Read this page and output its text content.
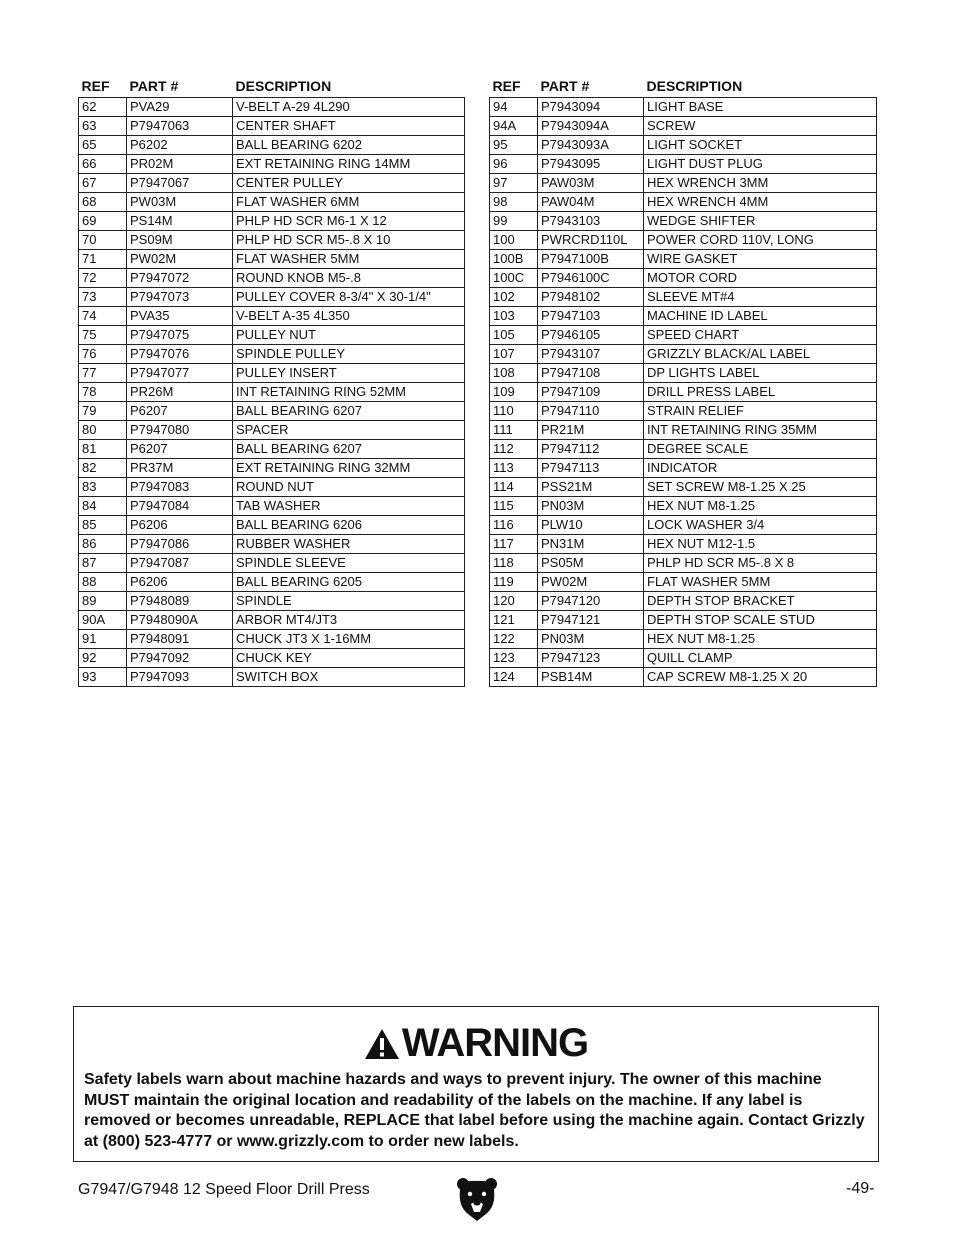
REF	PART #	DESCRIPTION
62	PVA29	V-BELT A-29 4L290
63	P7947063	CENTER SHAFT
65	P6202	BALL BEARING 6202
66	PR02M	EXT RETAINING RING 14MM
67	P7947067	CENTER PULLEY
68	PW03M	FLAT WASHER 6MM
69	PS14M	PHLP HD SCR M6-1 X 12
70	PS09M	PHLP HD SCR M5-.8 X 10
71	PW02M	FLAT WASHER 5MM
72	P7947072	ROUND KNOB M5-.8
73	P7947073	PULLEY COVER 8-3/4" X 30-1/4"
74	PVA35	V-BELT A-35 4L350
75	P7947075	PULLEY NUT
76	P7947076	SPINDLE PULLEY
77	P7947077	PULLEY INSERT
78	PR26M	INT RETAINING RING 52MM
79	P6207	BALL BEARING 6207
80	P7947080	SPACER
81	P6207	BALL BEARING 6207
82	PR37M	EXT RETAINING RING 32MM
83	P7947083	ROUND NUT
84	P7947084	TAB WASHER
85	P6206	BALL BEARING 6206
86	P7947086	RUBBER WASHER
87	P7947087	SPINDLE SLEEVE
88	P6206	BALL BEARING 6205
89	P7948089	SPINDLE
90A	P7948090A	ARBOR MT4/JT3
91	P7948091	CHUCK JT3 X 1-16MM
92	P7947092	CHUCK KEY
93	P7947093	SWITCH BOX
REF	PART #	DESCRIPTION
94	P7943094	LIGHT BASE
94A	P7943094A	SCREW
95	P7943093A	LIGHT SOCKET
96	P7943095	LIGHT DUST PLUG
97	PAW03M	HEX WRENCH 3MM
98	PAW04M	HEX WRENCH 4MM
99	P7943103	WEDGE SHIFTER
100	PWRCRD110L	POWER CORD 110V, LONG
100B	P7947100B	WIRE GASKET
100C	P7946100C	MOTOR CORD
102	P7948102	SLEEVE MT#4
103	P7947103	MACHINE ID LABEL
105	P7946105	SPEED CHART
107	P7943107	GRIZZLY BLACK/AL LABEL
108	P7947108	DP LIGHTS LABEL
109	P7947109	DRILL PRESS LABEL
110	P7947110	STRAIN RELIEF
111	PR21M	INT RETAINING RING 35MM
112	P7947112	DEGREE SCALE
113	P7947113	INDICATOR
114	PSS21M	SET SCREW M8-1.25 X 25
115	PN03M	HEX NUT M8-1.25
116	PLW10	LOCK WASHER 3/4
117	PN31M	HEX NUT M12-1.5
118	PS05M	PHLP HD SCR M5-.8 X 8
119	PW02M	FLAT WASHER 5MM
120	P7947120	DEPTH STOP BRACKET
121	P7947121	DEPTH STOP SCALE STUD
122	PN03M	HEX NUT M8-1.25
123	P7947123	QUILL CLAMP
124	PSB14M	CAP SCREW M8-1.25 X 20
WARNING
Safety labels warn about machine hazards and ways to prevent injury. The owner of this machine MUST maintain the original location and readability of the labels on the machine. If any label is removed or becomes unreadable, REPLACE that label before using the machine again. Contact Grizzly at (800) 523-4777 or www.grizzly.com to order new labels.
G7947/G7948 12 Speed Floor Drill Press	-49-
